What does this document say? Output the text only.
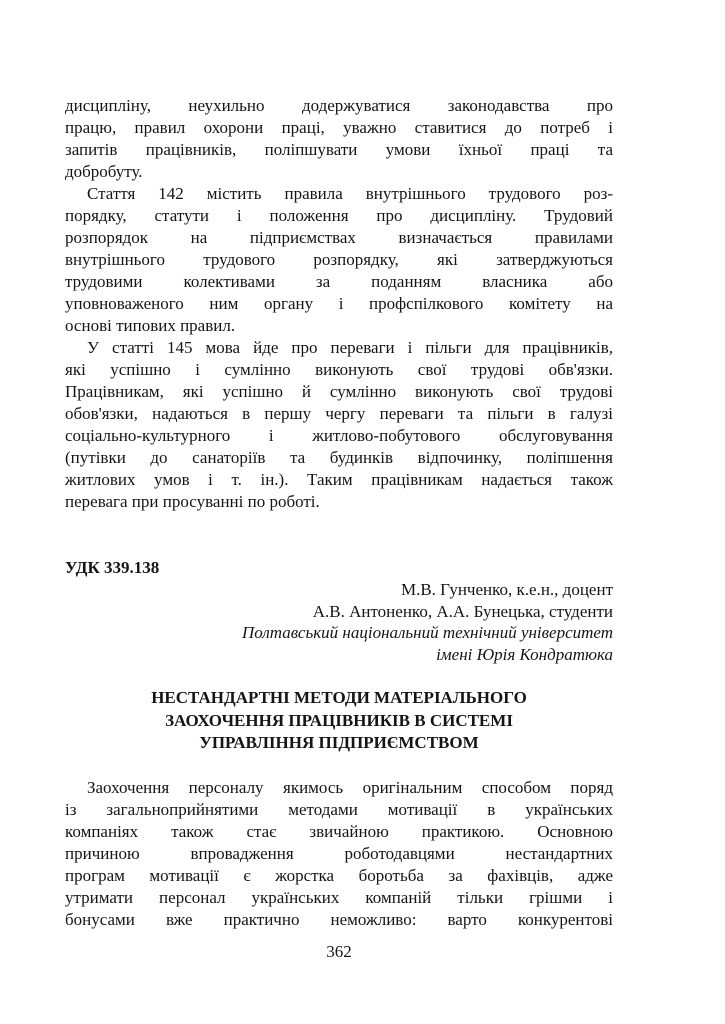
дисципліну, неухильно додержуватися законодавства про
працю, правил охорони праці, уважно ставитися до потреб і
запитів працівників, поліпшувати умови їхньої праці та
добробуту.
Стаття 142 містить правила внутрішнього трудового роз-
порядку, статути і положення про дисципліну. Трудовий
розпорядок на підприємствах визначається правилами
внутрішнього трудового розпорядку, які затверджуються
трудовими колективами за поданням власника або
уповноваженого ним органу і профспілкового комітету на
основі типових правил.
У статті 145 мова йде про переваги і пільги для працівників,
які успішно і сумлінно виконують свої трудові обв'язки.
Працівникам, які успішно й сумлінно виконують свої трудові
обов'язки, надаються в першу чергу переваги та пільги в галузі
соціально-культурного і житлово-побутового обслуговування
(путівки до санаторіїв та будинків відпочинку, поліпшення
житлових умов і т. ін.). Таким працівникам надається також
перевага при просуванні по роботі.
УДК 339.138
М.В. Гунченко, к.е.н., доцент
А.В. Антоненко, А.А. Бунецька, студенти
Полтавський національний технічний університет
імені Юрія Кондратюка
НЕСТАНДАРТНІ МЕТОДИ МАТЕРІАЛЬНОГО
ЗАОХОЧЕННЯ ПРАЦІВНИКІВ В СИСТЕМІ
УПРАВЛІННЯ ПІДПРИЄМСТВОМ
Заохочення персоналу якимось оригінальним способом поряд
із загальноприйнятими методами мотивації в українських
компаніях також стає звичайною практикою. Основною
причиною впровадження роботодавцями нестандартних
програм мотивації є жорстка боротьба за фахівців, адже
утримати персонал українських компаній тільки грішми і
бонусами вже практично неможливо: варто конкурентові
362
